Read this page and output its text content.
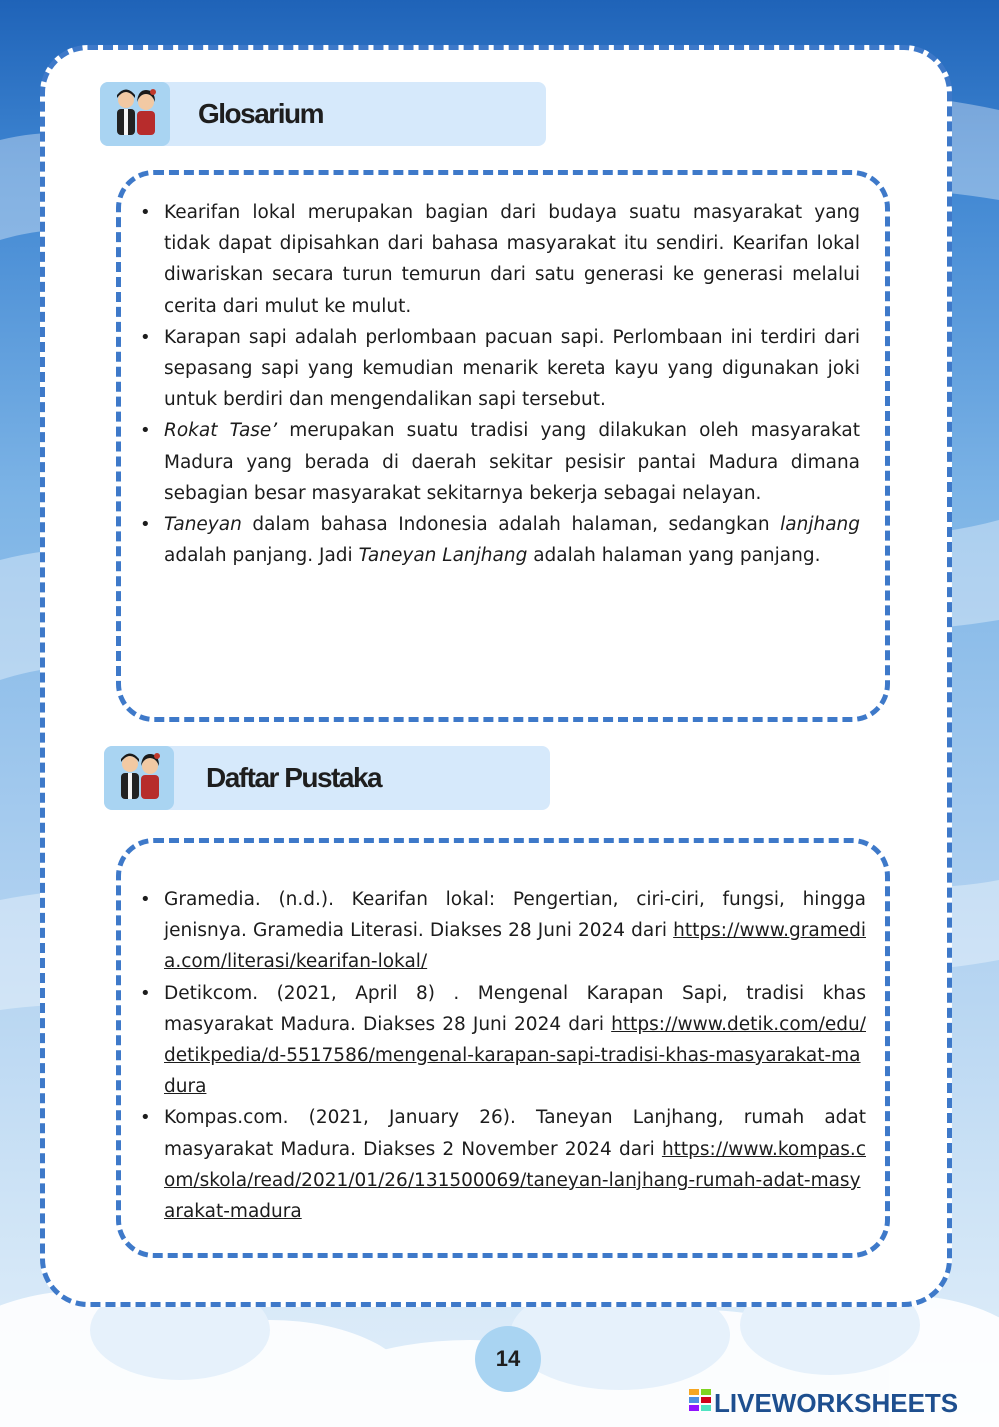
Glosarium
• Kearifan lokal merupakan bagian dari budaya suatu masyarakat yang tidak dapat dipisahkan dari bahasa masyarakat itu sendiri. Kearifan lokal diwariskan secara turun temurun dari satu generasi ke generasi melalui cerita dari mulut ke mulut.
• Karapan sapi adalah perlombaan pacuan sapi. Perlombaan ini terdiri dari sepasang sapi yang kemudian menarik kereta kayu yang digunakan joki untuk berdiri dan mengendalikan sapi tersebut.
• Rokat Tase’ merupakan suatu tradisi yang dilakukan oleh masyarakat Madura yang berada di daerah sekitar pesisir pantai Madura dimana sebagian besar masyarakat sekitarnya bekerja sebagai nelayan.
• Taneyan dalam bahasa Indonesia adalah halaman, sedangkan lanjhang adalah panjang. Jadi Taneyan Lanjhang adalah halaman yang panjang.
Daftar Pustaka
• Gramedia. (n.d.). Kearifan lokal: Pengertian, ciri-ciri, fungsi, hingga jenisnya. Gramedia Literasi. Diakses 28 Juni 2024 dari https://www.gramedia.com/literasi/kearifan-lokal/
• Detikcom. (2021, April 8) . Mengenal Karapan Sapi, tradisi khas masyarakat Madura. Diakses 28 Juni 2024 dari https://www.detik.com/edu/detikpedia/d-5517586/mengenal-karapan-sapi-tradisi-khas-masyarakat-madura
• Kompas.com. (2021, January 26). Taneyan Lanjhang, rumah adat masyarakat Madura. Diakses 2 November 2024 dari https://www.kompas.com/skola/read/2021/01/26/131500069/taneyan-lanjhang-rumah-adat-masyarakat-madura
14
LIVEWORKSHEETS
